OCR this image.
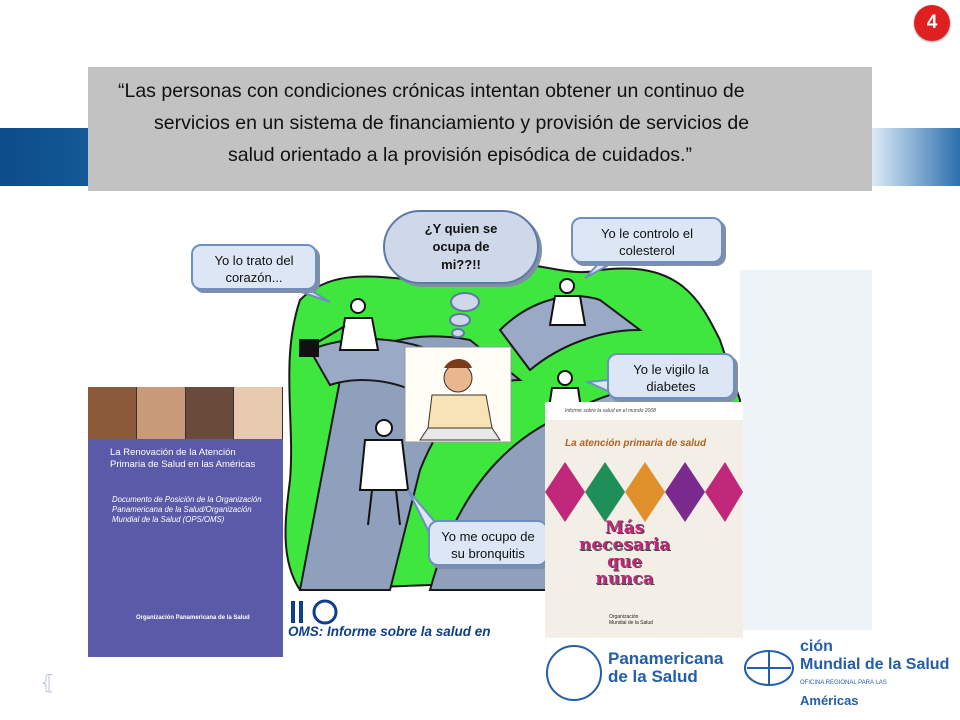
4
“Las personas con condiciones crónicas intentan obtener un continuo de
servicios en un sistema de financiamiento y provisión de servicios de
salud orientado a la provisión episódica de cuidados.”
Yo lo trato del
corazón...
¿Y quien se
ocupa de
mi??!!
Yo le controlo el
colesterol
Yo le vigilo la
diabetes
Yo me ocupo de
su bronquitis
La Renovación de la Atención Primaria de Salud en las Américas
Documento de Posición de la Organización Panamericana de la Salud/Organización Mundial de la Salud (OPS/OMS)
Organización Panamericana de la Salud
Informe sobre la salud en el mundo 2008
La atención primaria de salud
Más
necesaria
que
nunca
Organización
Mundial de la Salud
OMS: Informe sobre la salud en
⦃
Panamericana
de la Salud
ción
Mundial de la Salud
OFICINA REGIONAL PARA LAS
Américas
